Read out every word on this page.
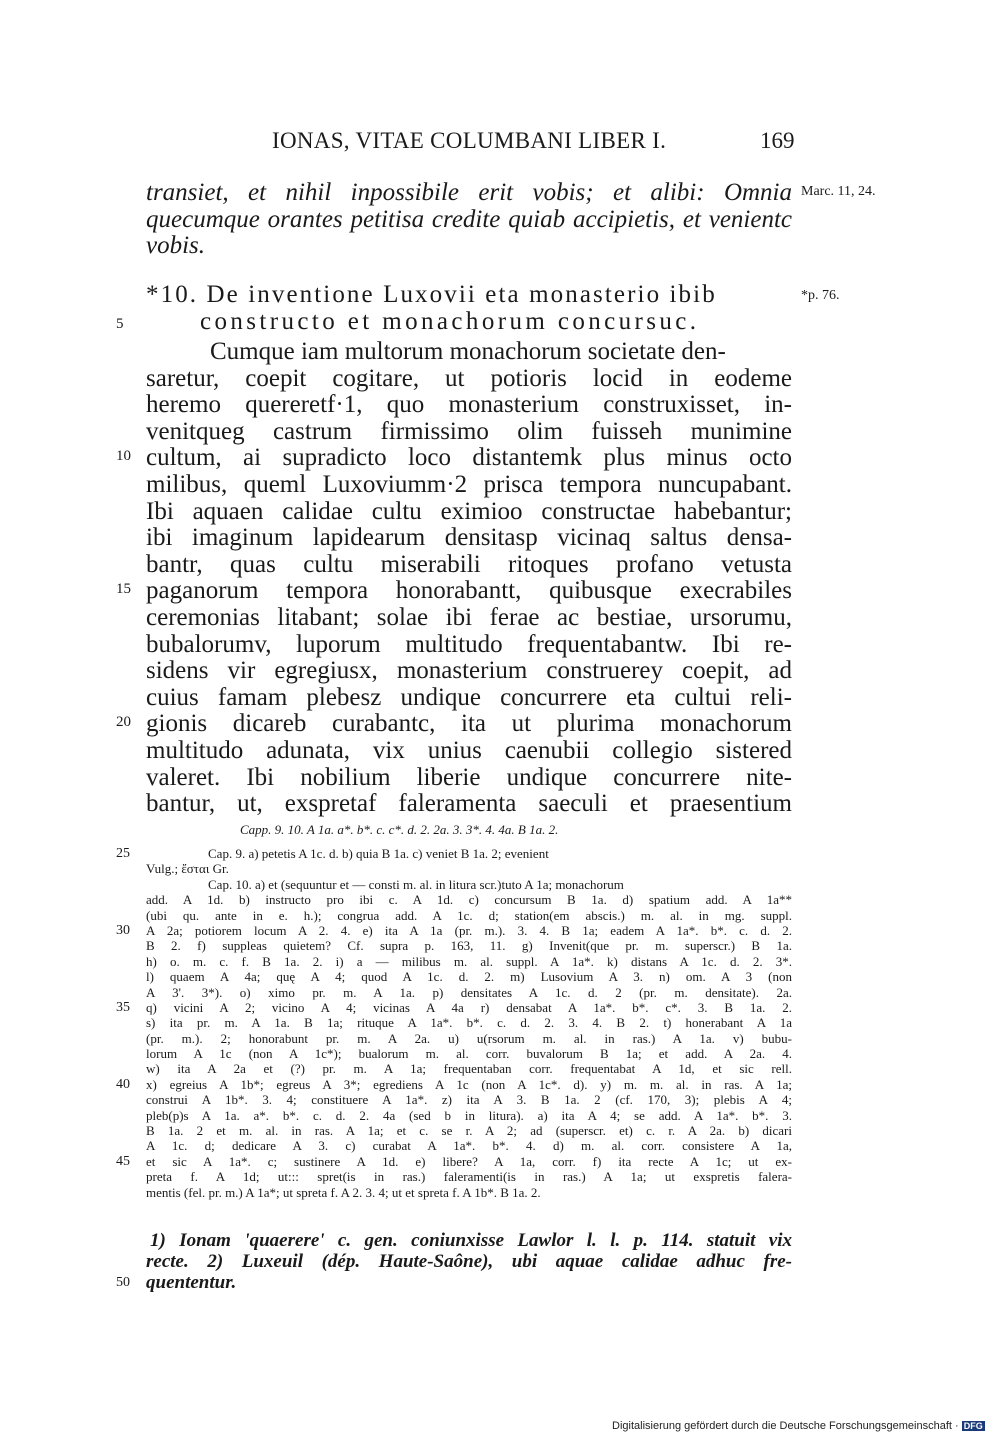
IONAS, VITAE COLUMBANI LIBER I.	169
Marc. 11, 24.
*p. 76.
transiet, et nihil inpossibile erit vobis; et alibi: Omnia
quecumque orantes petitisa credite quiab accipietis, et venientc
vobis.
*10. De inventione Luxovii eta monasterio ibib
constructo et monachorum concursuc.
Cumque iam multorum monachorum societate den-
saretur, coepit cogitare, ut potioris locid in eodeme
heremo quereretf·1, quo monasterium construxisset, in-
venitqueg castrum firmissimo olim fuisseh munimine
cultum, ai supradicto loco distantemk plus minus octo
milibus, queml Luxoviumm·2 prisca tempora nuncupabant.
Ibi aquaen calidae cultu eximioo constructae habebantur;
ibi imaginum lapidearum densitasp vicinaq saltus densa-
bantr, quas cultu miserabili ritoques profano vetusta
paganorum tempora honorabantt, quibusque execrabiles
ceremonias litabant; solae ibi ferae ac bestiae, ursorumu,
bubalorumv, luporum multitudo frequentabantw. Ibi re-
sidens vir egregiusx, monasterium construerey coepit, ad
cuius famam plebesz undique concurrere eta cultui reli-
gionis dicareb curabantc, ita ut plurima monachorum
multitudo adunata, vix unius caenubii collegio sistered
valeret. Ibi nobilium liberie undique concurrere nite-
bantur, ut, exspretaf faleramenta saeculi et praesentium
5
10
15
20
Capp. 9. 10. A 1a. a*. b*. c. c*. d. 2. 2a. 3. 3*. 4. 4a. B 1a. 2.
Cap. 9. a) petetis A 1c. d. b) quia B 1a. c) veniet B 1a. 2; evenient
Vulg.; ἔσται Gr.
Cap. 10. a) et (sequuntur et — consti m. al. in litura scr.)tuto A 1a; monachorum
add. A 1d. b) instructo pro ibi c. A 1d. c) concursum B 1a. d) spatium add. A 1a**
(ubi qu. ante in e. h.); congrua add. A 1c. d; station(em abscis.) m. al. in mg. suppl.
A 2a; potiorem locum A 2. 4. e) ita A 1a (pr. m.). 3. 4. B 1a; eadem A 1a*. b*. c. d. 2.
B 2. f) suppleas quietem? Cf. supra p. 163, 11. g) Invenit(que pr. m. superscr.) B 1a.
h) o. m. c. f. B 1a. 2. i) a — milibus m. al. suppl. A 1a*. k) distans A 1c. d. 2. 3*.
l) quaem A 4a; quę A 4; quod A 1c. d. 2. m) Lusovium A 3. n) om. A 3 (non
A 3'. 3*). o) ximo pr. m. A 1a. p) densitates A 1c. d. 2 (pr. m. densitate). 2a.
q) vicini A 2; vicino A 4; vicinas A 4a r) densabat A 1a*. b*. c*. 3. B 1a. 2.
s) ita pr. m. A 1a. B 1a; rituque A 1a*. b*. c. d. 2. 3. 4. B 2. t) honerabant A 1a
(pr. m.). 2; honorabunt pr. m. A 2a. u) u(rsorum m. al. in ras.) A 1a. v) bubu-
lorum A 1c (non A 1c*); bualorum m. al. corr. buvalorum B 1a; et add. A 2a. 4.
w) ita A 2a et (?) pr. m. A 1a; frequentaban corr. frequentabat A 1d, et sic rell.
x) egreius A 1b*; egreus A 3*; egrediens A 1c (non A 1c*. d). y) m. m. al. in ras. A 1a;
construi A 1b*. 3. 4; constituere A 1a*. z) ita A 3. B 1a. 2 (cf. 170, 3); plebis A 4;
pleb(p)s A 1a. a*. b*. c. d. 2. 4a (sed b in litura). a) ita A 4; se add. A 1a*. b*. 3.
B 1a. 2 et m. al. in ras. A 1a; et c. se r. A 2; ad (superscr. et) c. r. A 2a. b) dicari
A 1c. d; dedicare A 3. c) curabat A 1a*. b*. 4. d) m. al. corr. consistere A 1a,
et sic A 1a*. c; sustinere A 1d. e) libere? A 1a, corr. f) ita recte A 1c; ut ex-
preta f. A 1d; ut::: spret(is in ras.) faleramenti(is in ras.) A 1a; ut exspretis falera-
mentis (fel. pr. m.) A 1a*; ut spreta f. A 2. 3. 4; ut et spreta f. A 1b*. B 1a. 2.
25
30
35
40
45
1) Ionam 'quaerere' c. gen. coniunxisse Lawlor l. l. p. 114. statuit vix
recte. 2) Luxeuil (dép. Haute-Saône), ubi aquae calidae adhuc fre-
quententur.
50
Digitalisierung gefördert durch die Deutsche Forschungsgemeinschaft · DFG
